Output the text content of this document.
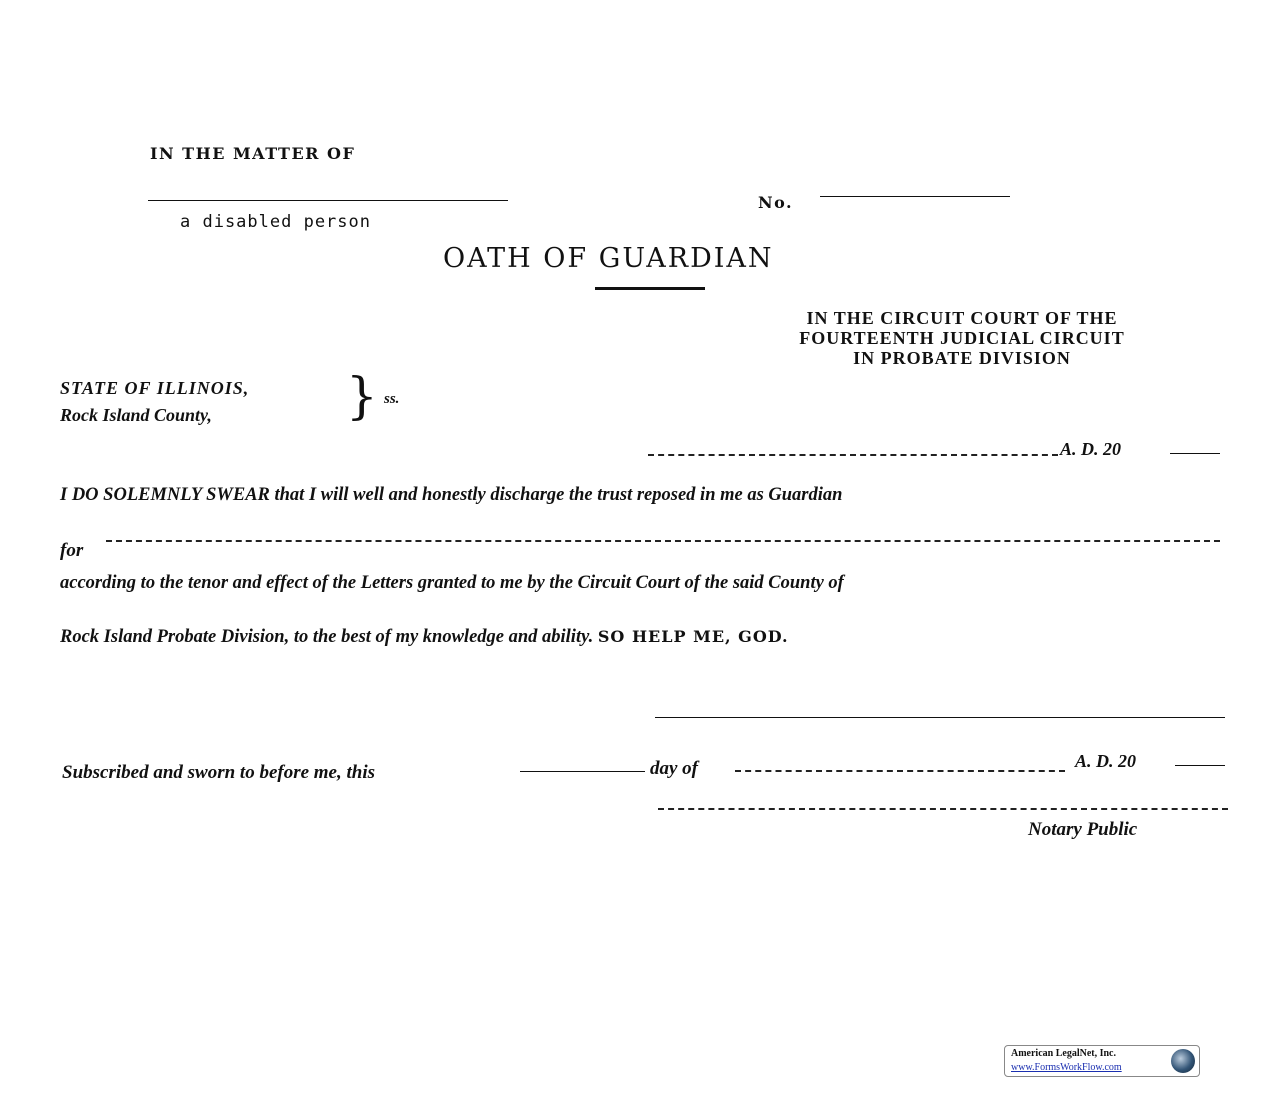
IN THE MATTER OF
a disabled person
No.
OATH OF GUARDIAN
IN THE CIRCUIT COURT OF THE
FOURTEENTH JUDICIAL CIRCUIT
IN PROBATE DIVISION
STATE OF ILLINOIS,
Rock Island County,	} ss.
A. D. 20
I DO SOLEMNLY SWEAR that I will well and honestly discharge the trust reposed in me as Guardian
for
according to the tenor and effect of the Letters granted to me by the Circuit Court of the said County of
Rock Island Probate Division, to the best of my knowledge and ability. SO HELP ME, GOD.
Subscribed and sworn to before me, this	day of	A. D. 20
Notary Public
American LegalNet, Inc.
www.FormsWorkFlow.com
